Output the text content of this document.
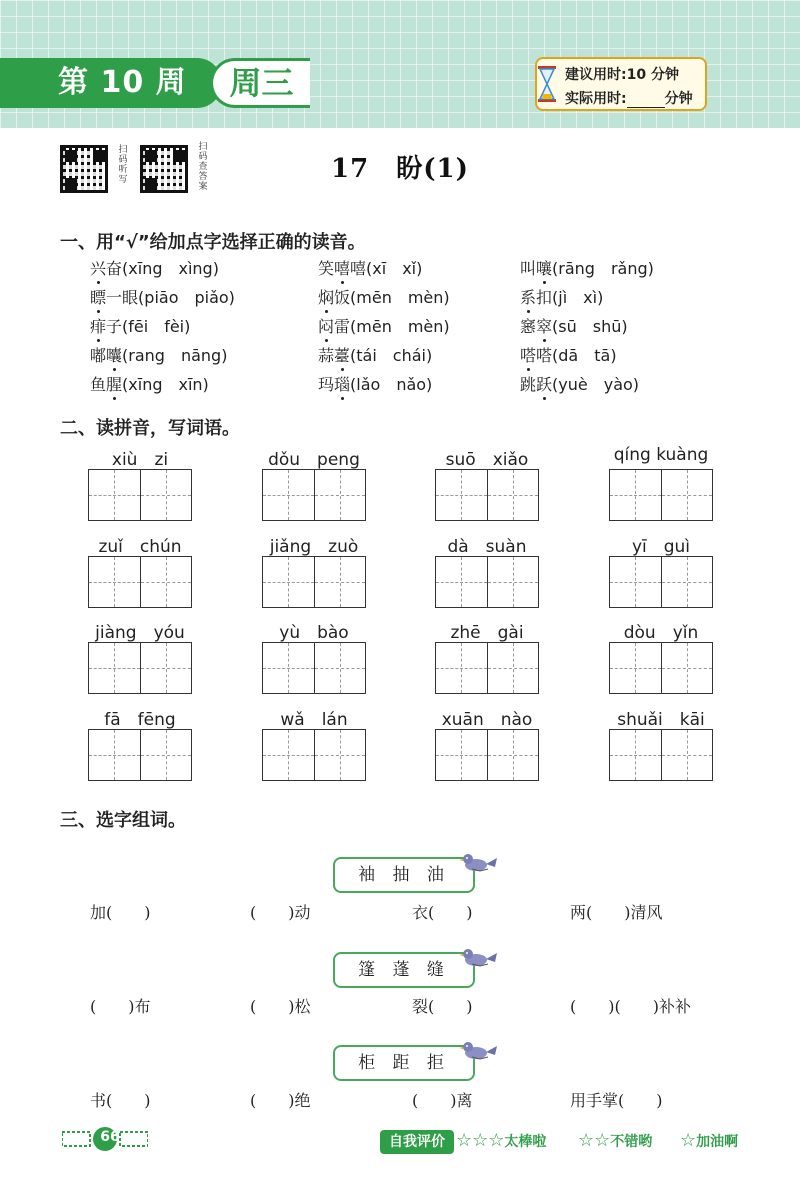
第 10 周	周三	建议用时:10 分钟
实际用时:	分钟
扫码听写
扫码查答案
17　盼(1)
一、用“√”给加点字选择正确的读音。
兴奋(xīng　xìng)	笑嘻嘻(xī　xǐ)	叫嚷(rāng　rǎng)
瞟一眼(piāo　piǎo)	焖饭(mēn　mèn)	系扣(jì　xì)
痱子(fēi　fèi)	闷雷(mēn　mèn)	窸窣(sū　shū)
嘟囔(rang　nāng)	蒜薹(tái　chái)	嗒嗒(dā　tā)
鱼腥(xīng　xīn)	玛瑙(lǎo　nǎo)	跳跃(yuè　yào)
二、读拼音，写词语。
xiù　zi	dǒu　peng	suō　xiǎo	qíng kuàng
zuǐ　chún	jiǎng　zuò	dà　suàn	yī　guì
jiàng　yóu	yù　bào	zhē　gài	dòu　yǐn
fā　fēng	wǎ　lán	xuān　nào	shuǎi　kāi
三、选字组词。
袖 抽 油
加(　　)	(　　)动	衣(　　)	两(　　)清风
篷 蓬 缝
(　　)布	(　　)松	裂(　　)	(　　)(　　)补补
柜 距 拒
书(　　)	(　　)绝	(　　)离	用手掌(　　)
66	自我评价 ☆☆☆太棒啦 ☆☆不错哟 ☆加油啊
